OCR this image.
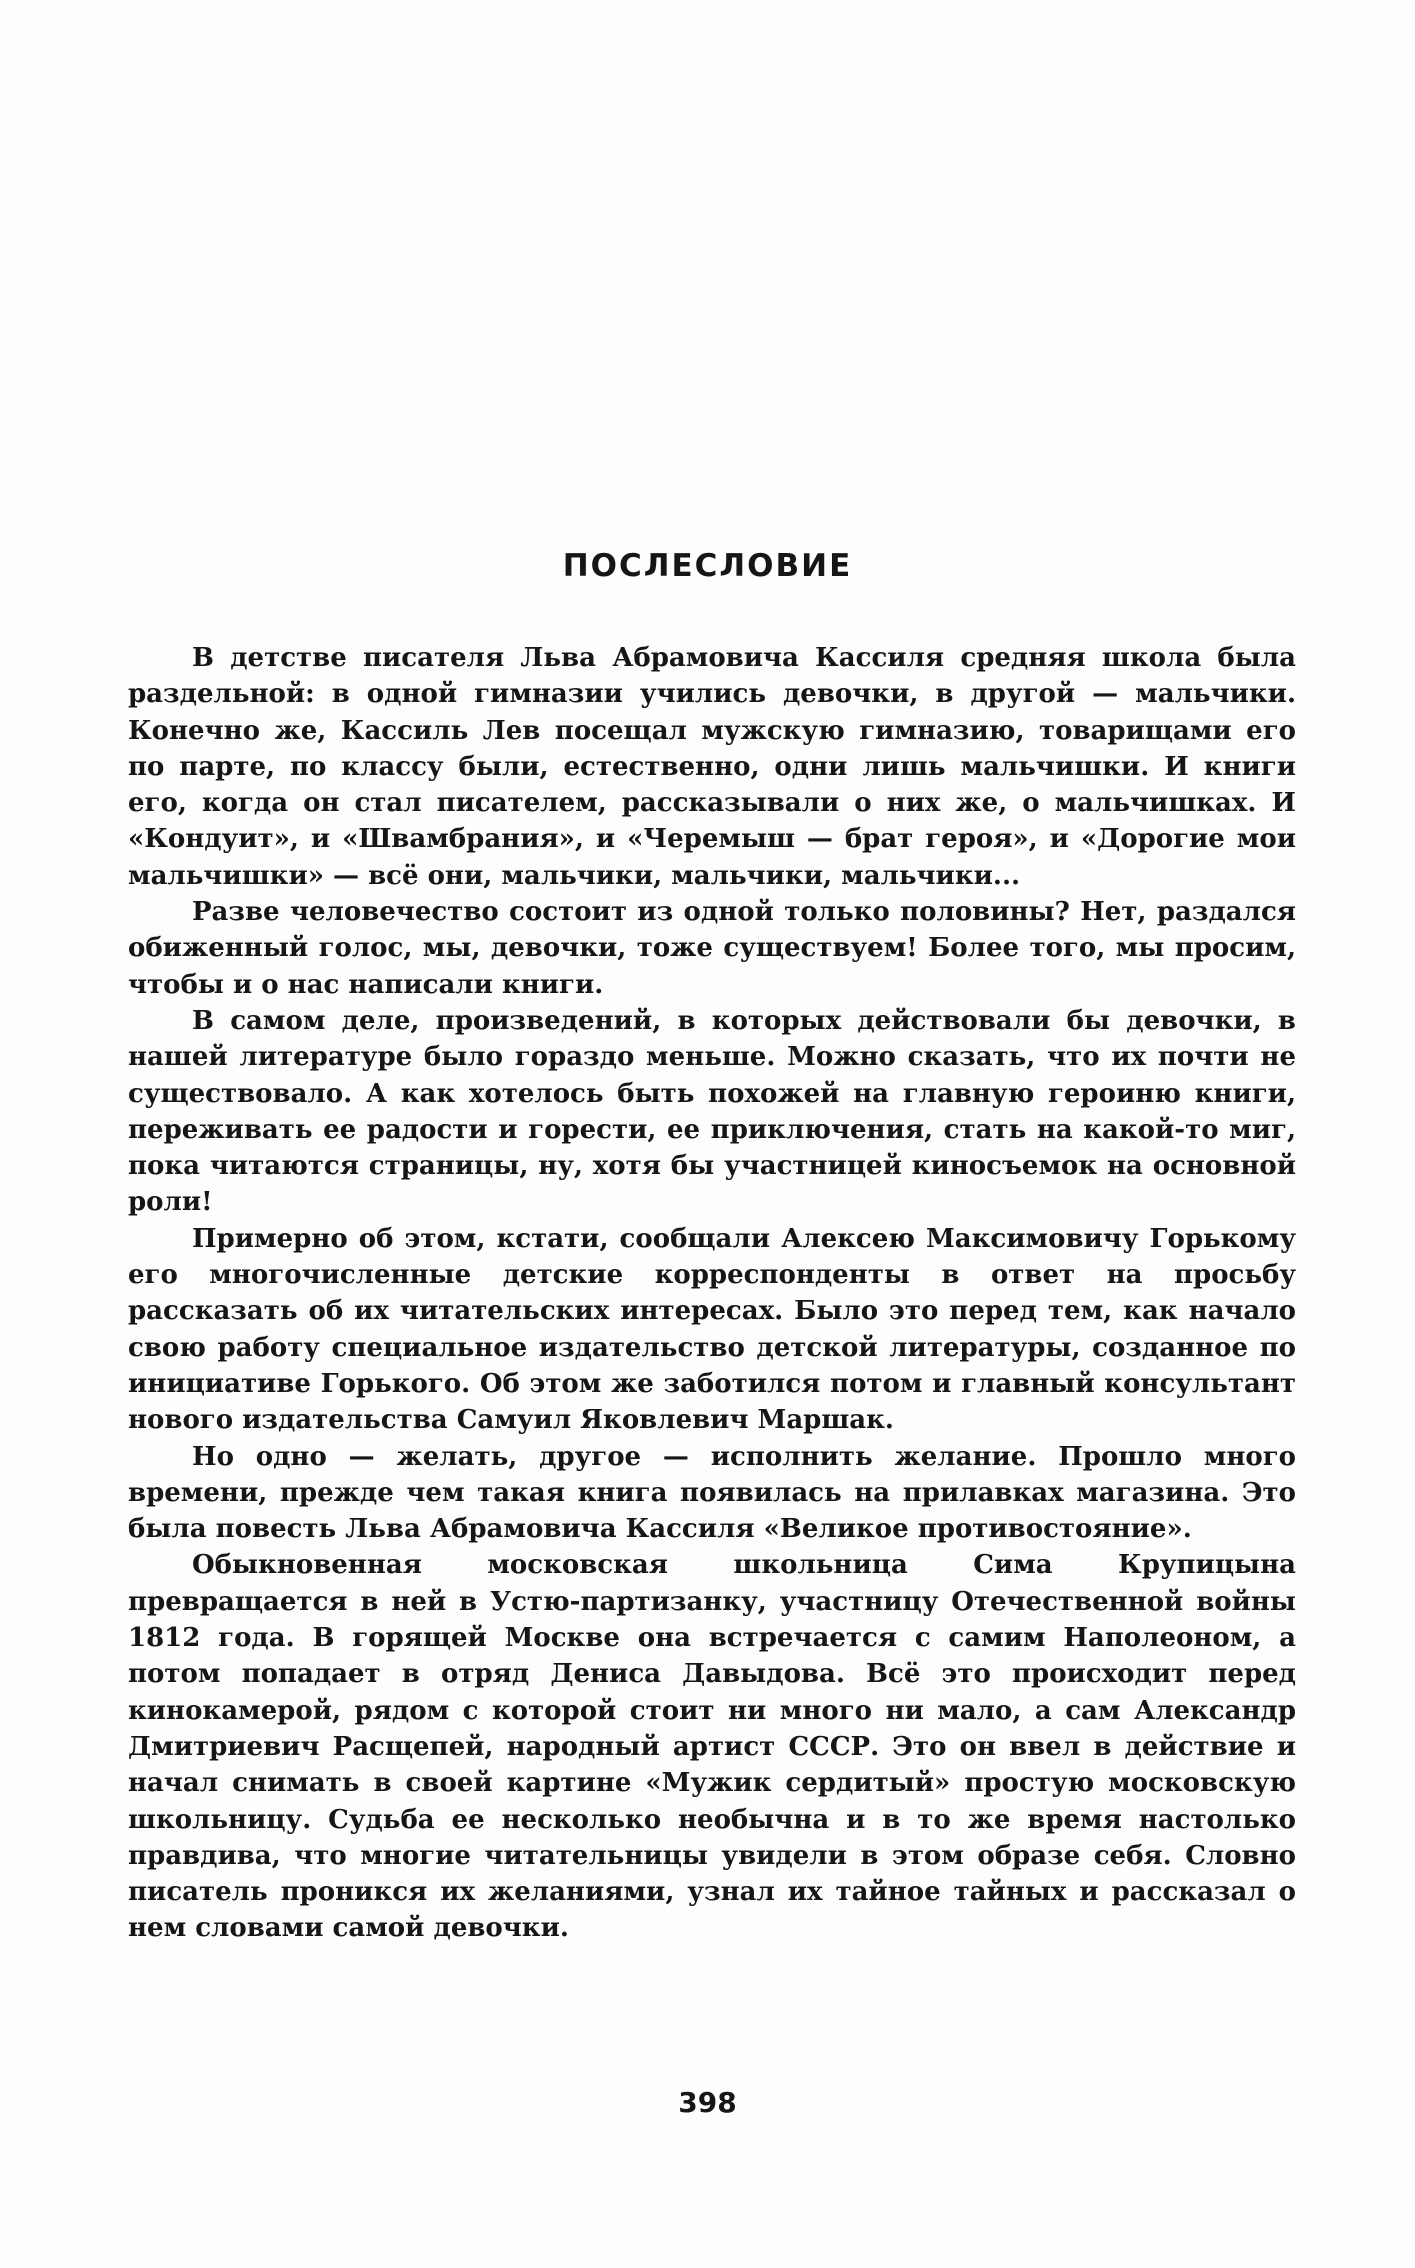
ПОСЛЕСЛОВИЕ

В детстве писателя Льва Абрамовича Кассиля средняя школа была раздельной: в одной гимназии учились девочки, в другой — мальчики. Конечно же, Кассиль Лев посещал мужскую гимназию, товарищами его по парте, по классу были, естественно, одни лишь мальчишки. И книги его, когда он стал писателем, рассказывали о них же, о мальчишках. И «Кондуит», и «Швамбрания», и «Черемыш — брат героя», и «Дорогие мои мальчишки» — всё они, мальчики, мальчики, мальчики...

Разве человечество состоит из одной только половины? Нет, раздался обиженный голос, мы, девочки, тоже существуем! Более того, мы просим, чтобы и о нас написали книги.

В самом деле, произведений, в которых действовали бы девочки, в нашей литературе было гораздо меньше. Можно сказать, что их почти не существовало. А как хотелось быть похожей на главную героиню книги, переживать ее радости и горести, ее приключения, стать на какой-то миг, пока читаются страницы, ну, хотя бы участницей киносъемок на основной роли!

Примерно об этом, кстати, сообщали Алексею Максимовичу Горькому его многочисленные детские корреспонденты в ответ на просьбу рассказать об их читательских интересах. Было это перед тем, как начало свою работу специальное издательство детской литературы, созданное по инициативе Горького. Об этом же заботился потом и главный консультант нового издательства Самуил Яковлевич Маршак.

Но одно — желать, другое — исполнить желание. Прошло много времени, прежде чем такая книга появилась на прилавках магазина. Это была повесть Льва Абрамовича Кассиля «Великое противостояние».

Обыкновенная московская школьница Сима Крупицына превращается в ней в Устю-партизанку, участницу Отечественной войны 1812 года. В горящей Москве она встречается с самим Наполеоном, а потом попадает в отряд Дениса Давыдова. Всё это происходит перед кинокамерой, рядом с которой стоит ни много ни мало, а сам Александр Дмитриевич Расщепей, народный артист СССР. Это он ввел в действие и начал снимать в своей картине «Мужик сердитый» простую московскую школьницу. Судьба ее несколько необычна и в то же время настолько правдива, что многие читательницы увидели в этом образе себя. Словно писатель проникся их желаниями, узнал их тайное тайных и рассказал о нем словами самой девочки.

398
